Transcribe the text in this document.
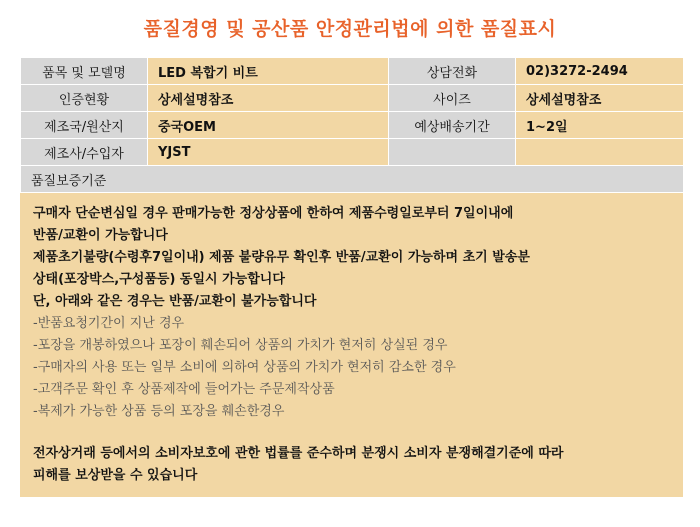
품질경영 및 공산품 안정관리법에 의한 품질표시
품목 및 모델명	LED 복합기 비트	상담전화	02)3272-2494
인증현황	상세설명참조	사이즈	상세설명참조
제조국/원산지	중국OEM	예상배송기간	1~2일
제조사/수입자	YJST		
품질보증기준			
구매자 단순변심일 경우 판매가능한 정상상품에 한하여 제품수령일로부터 7일이내에
반품/교환이 가능합니다
제품초기불량(수령후7일이내) 제품 불량유무 확인후 반품/교환이 가능하며 초기 발송분
상태(포장박스,구성품등) 동일시 가능합니다
단, 아래와 같은 경우는 반품/교환이 불가능합니다
-반품요청기간이 지난 경우
-포장을 개봉하였으나 포장이 훼손되어 상품의 가치가 현저히 상실된 경우
-구매자의 사용 또는 일부 소비에 의하여 상품의 가치가 현저히 감소한 경우
-고객주문 확인 후 상품제작에 들어가는 주문제작상품
-복제가 가능한 상품 등의 포장을 훼손한경우
전자상거래 등에서의 소비자보호에 관한 법률를 준수하며 분쟁시 소비자 분쟁해결기준에 따라
피해를 보상받을 수 있습니다
